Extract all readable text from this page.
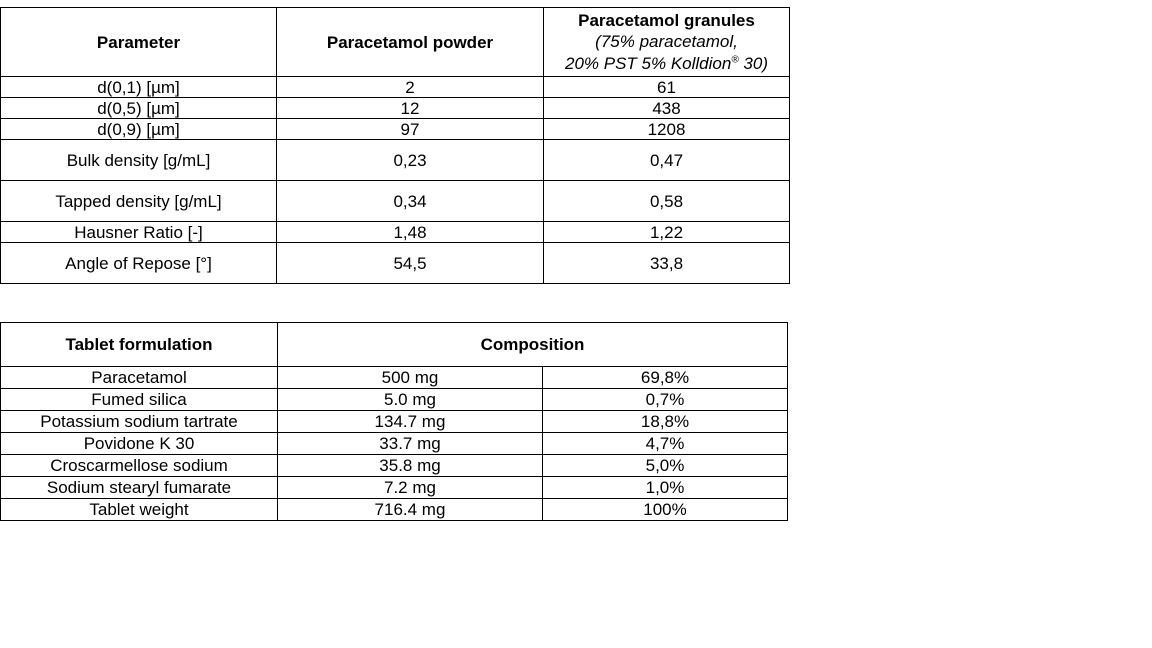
Parameter	Paracetamol powder	Paracetamol granules
(75% paracetamol,
20% PST 5% Kolldion® 30)
d(0,1) [µm]	2	61
d(0,5) [µm]	12	438
d(0,9) [µm]	97	1208
Bulk density [g/mL]	0,23	0,47
Tapped density [g/mL]	0,34	0,58
Hausner Ratio [-]	1,48	1,22
Angle of Repose [°]	54,5	33,8
Tablet formulation	Composition	
Paracetamol	500 mg	69,8%
Fumed silica	5.0 mg	0,7%
Potassium sodium tartrate	134.7 mg	18,8%
Povidone K 30	33.7 mg	4,7%
Croscarmellose sodium	35.8 mg	5,0%
Sodium stearyl fumarate	7.2 mg	1,0%
Tablet weight	716.4 mg	100%
